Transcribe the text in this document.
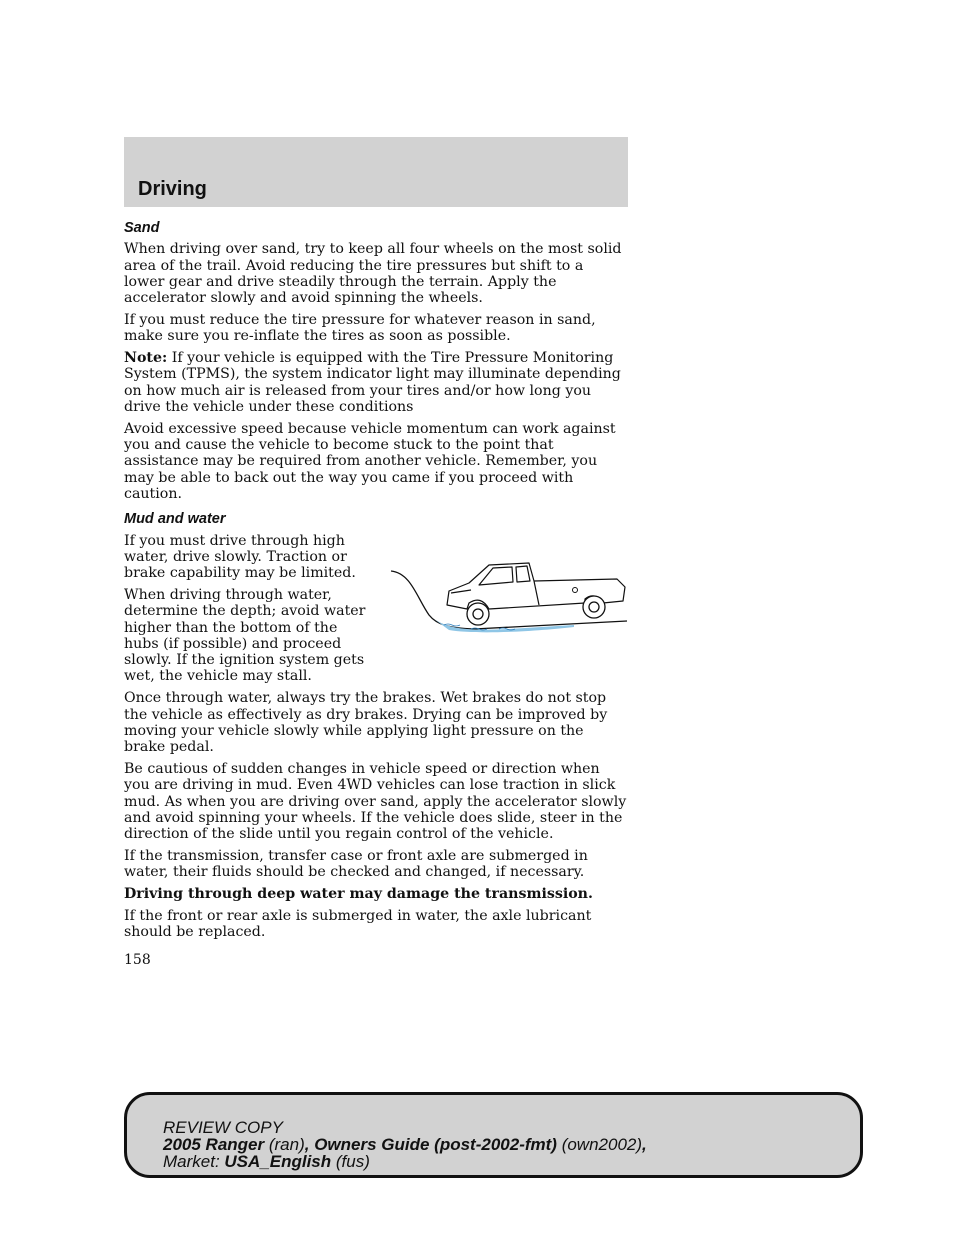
Driving
Sand

When driving over sand, try to keep all four wheels on the most solid area of the trail. Avoid reducing the tire pressures but shift to a lower gear and drive steadily through the terrain. Apply the accelerator slowly and avoid spinning the wheels.

If you must reduce the tire pressure for whatever reason in sand, make sure you re-inflate the tires as soon as possible.

Note: If your vehicle is equipped with the Tire Pressure Monitoring System (TPMS), the system indicator light may illuminate depending on how much air is released from your tires and/or how long you drive the vehicle under these conditions

Avoid excessive speed because vehicle momentum can work against you and cause the vehicle to become stuck to the point that assistance may be required from another vehicle. Remember, you may be able to back out the way you came if you proceed with caution.

Mud and water

If you must drive through high water, drive slowly. Traction or brake capability may be limited.

When driving through water, determine the depth; avoid water higher than the bottom of the hubs (if possible) and proceed slowly. If the ignition system gets wet, the vehicle may stall.

Once through water, always try the brakes. Wet brakes do not stop the vehicle as effectively as dry brakes. Drying can be improved by moving your vehicle slowly while applying light pressure on the brake pedal.

Be cautious of sudden changes in vehicle speed or direction when you are driving in mud. Even 4WD vehicles can lose traction in slick mud. As when you are driving over sand, apply the accelerator slowly and avoid spinning your wheels. If the vehicle does slide, steer in the direction of the slide until you regain control of the vehicle.

If the transmission, transfer case or front axle are submerged in water, their fluids should be checked and changed, if necessary.

Driving through deep water may damage the transmission.

If the front or rear axle is submerged in water, the axle lubricant should be replaced.

158
REVIEW COPY
2005 Ranger (ran), Owners Guide (post-2002-fmt) (own2002),
Market: USA_English (fus)
